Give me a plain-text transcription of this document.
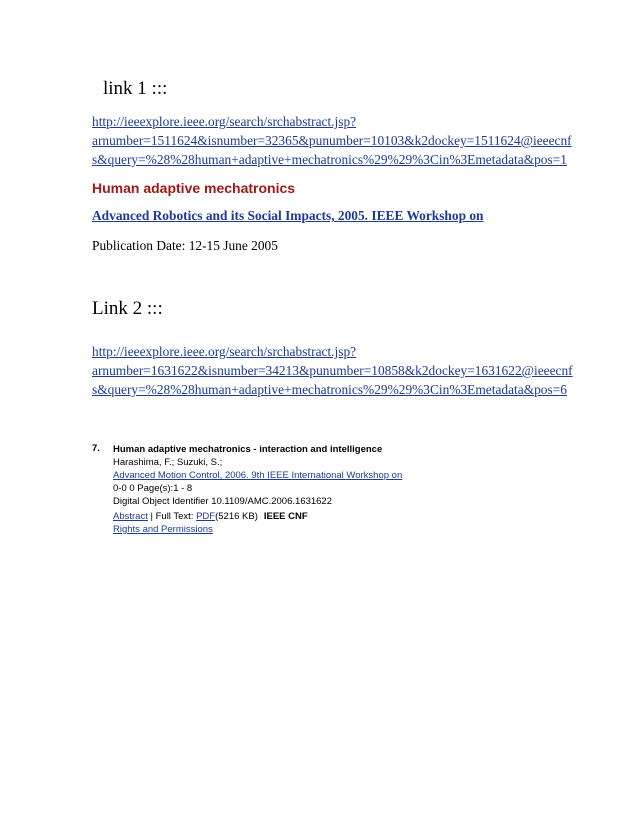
link 1 :::
http://ieeexplore.ieee.org/search/srchabstract.jsp?
arnumber=1511624&isnumber=32365&punumber=10103&k2dockey=1511624@ieeecnf
s&query=%28%28human+adaptive+mechatronics%29%29%3Cin%3Emetadata&pos=1
Human adaptive mechatronics
Advanced Robotics and its Social Impacts, 2005. IEEE Workshop on
Publication Date: 12-15 June 2005
Link 2 :::
http://ieeexplore.ieee.org/search/srchabstract.jsp?
arnumber=1631622&isnumber=34213&punumber=10858&k2dockey=1631622@ieeecnf
s&query=%28%28human+adaptive+mechatronics%29%29%3Cin%3Emetadata&pos=6
7. Human adaptive mechatronics - interaction and intelligence
Harashima, F.; Suzuki, S.;
Advanced Motion Control, 2006. 9th IEEE International Workshop on
0-0 0 Page(s):1 - 8
Digital Object Identifier 10.1109/AMC.2006.1631622
Abstract | Full Text: PDF(5216 KB) IEEE CNF
Rights and Permissions
